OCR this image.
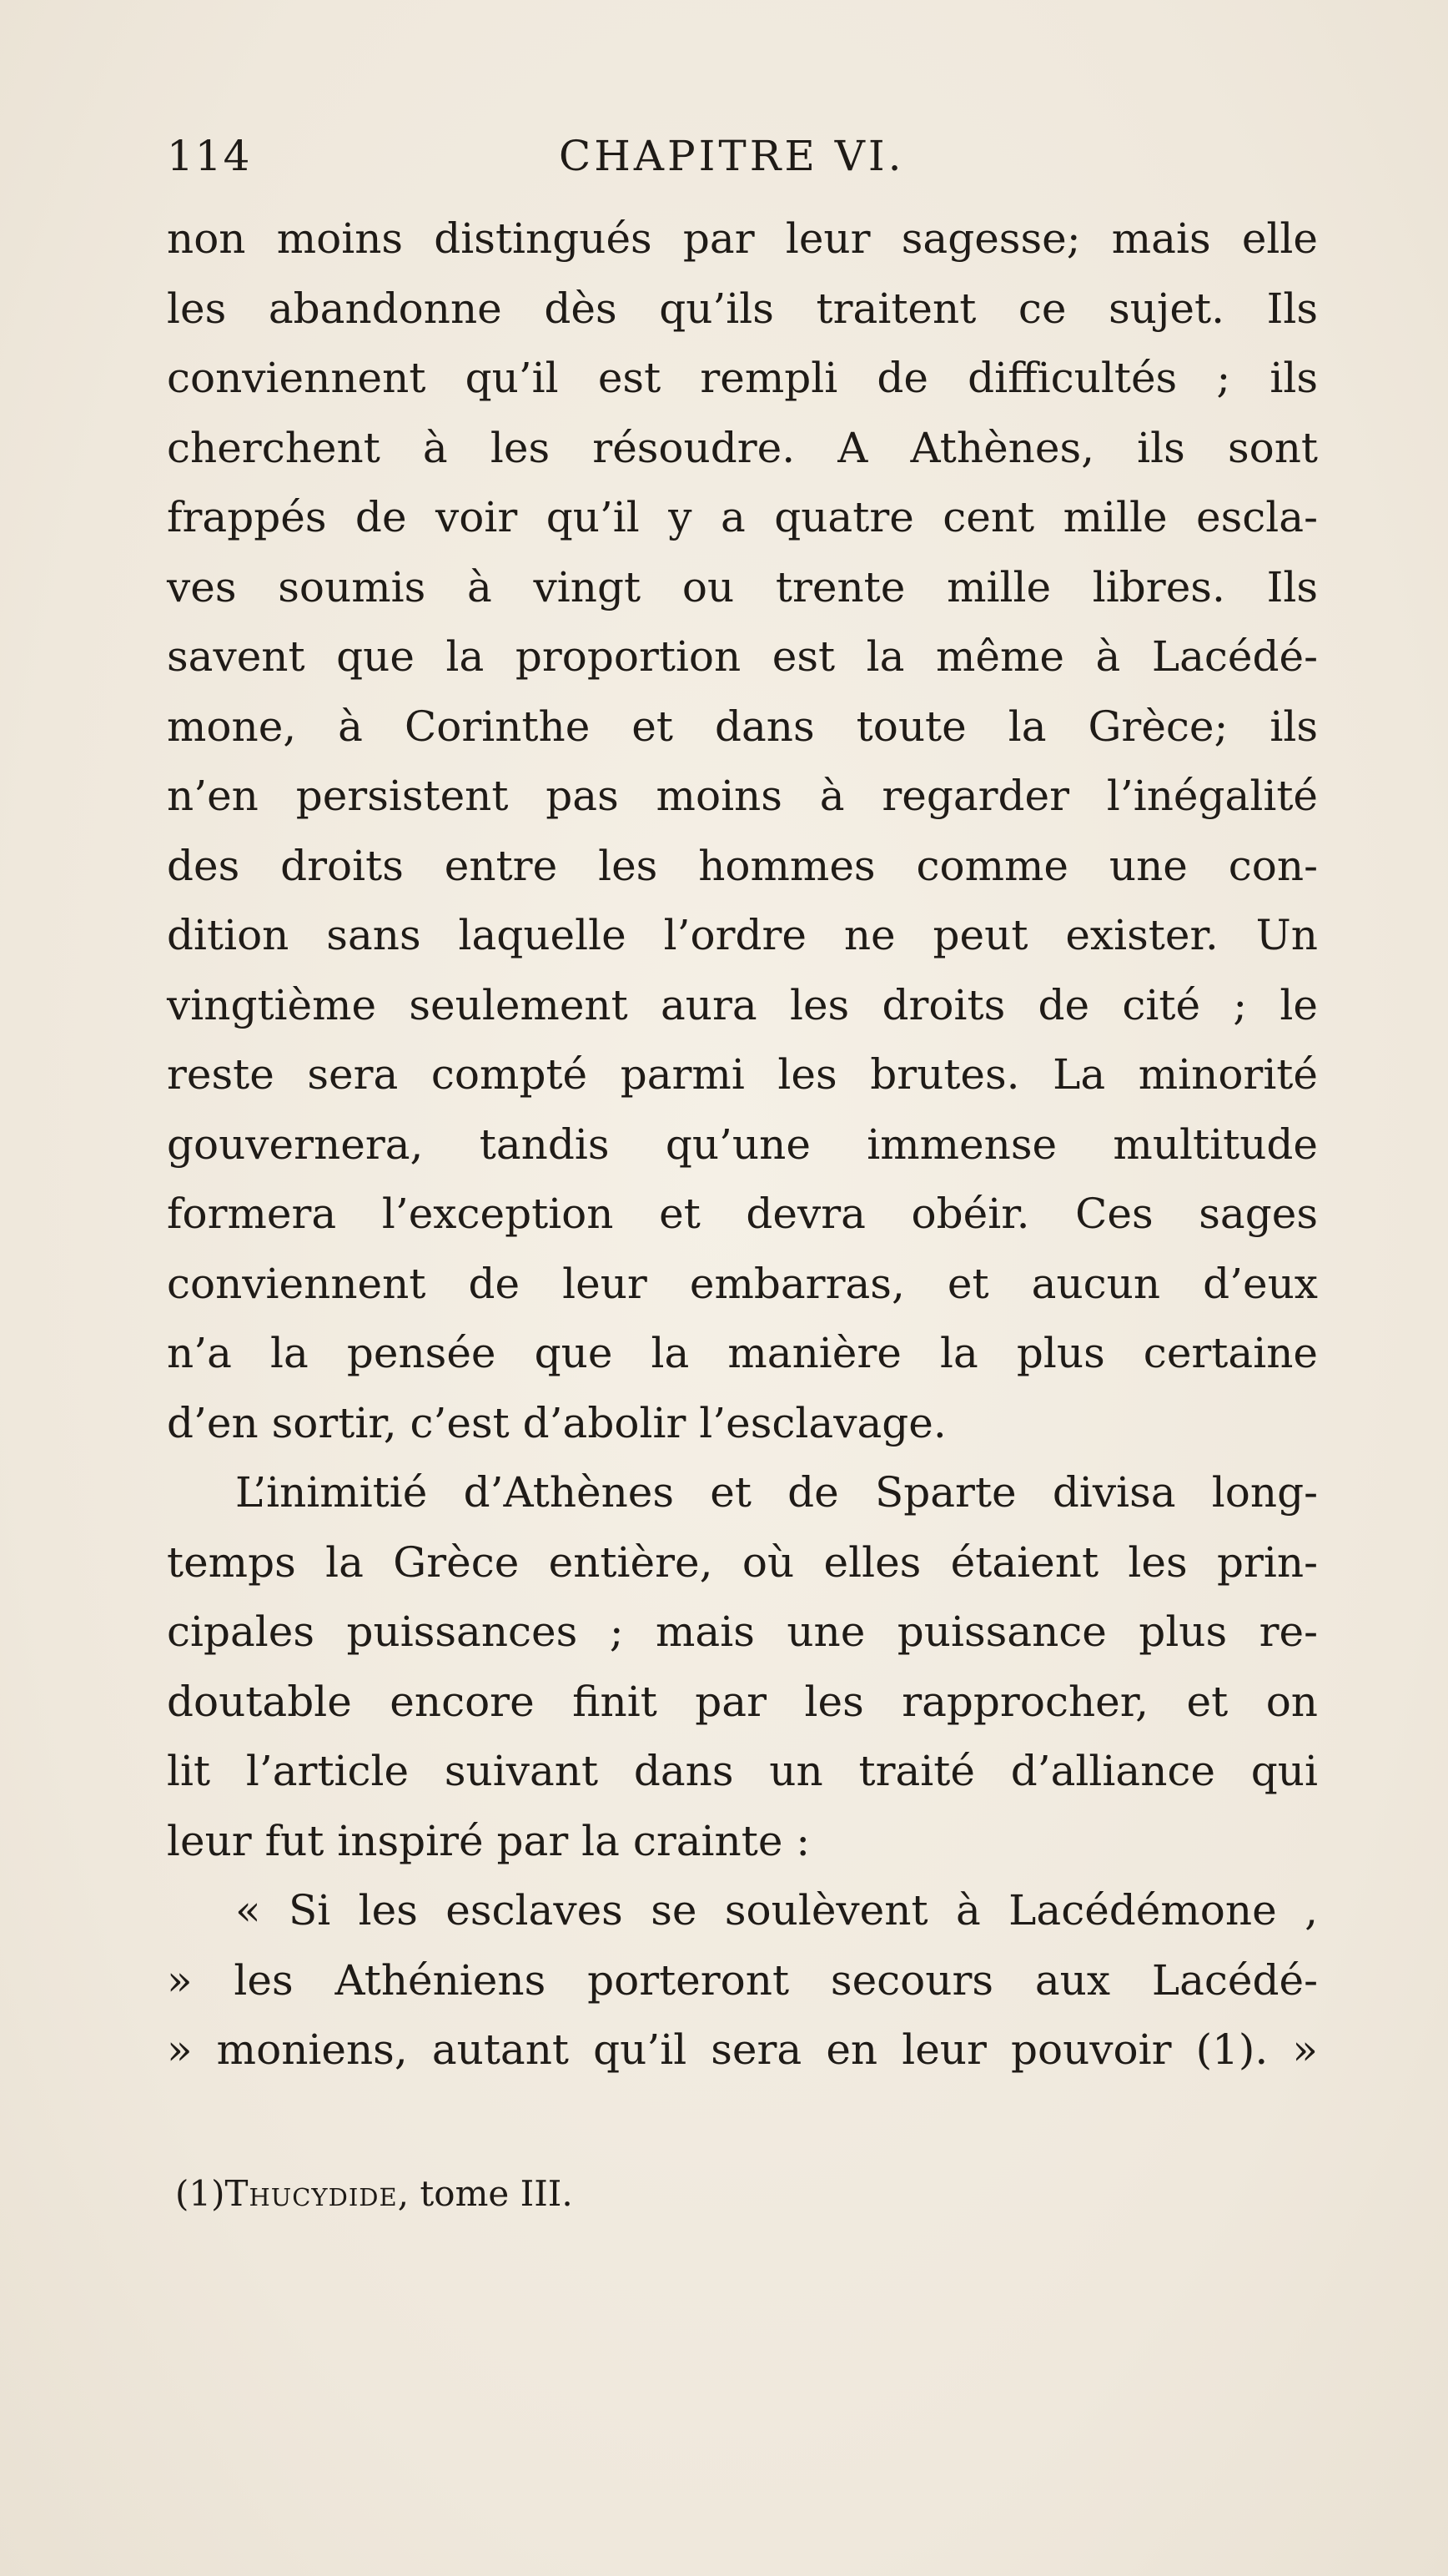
114	CHAPITRE VI.
non moins distingués par leur sagesse; mais elle
les abandonne dès qu’ils traitent ce sujet. Ils
conviennent qu’il est rempli de difficultés ; ils
cherchent à les résoudre. A Athènes, ils sont
frappés de voir qu’il y a quatre cent mille escla-
ves soumis à vingt ou trente mille libres. Ils
savent que la proportion est la même à Lacédé-
mone, à Corinthe et dans toute la Grèce; ils
n’en persistent pas moins à regarder l’inégalité
des droits entre les hommes comme une con-
dition sans laquelle l’ordre ne peut exister. Un
vingtième seulement aura les droits de cité ; le
reste sera compté parmi les brutes. La minorité
gouvernera, tandis qu’une immense multitude
formera l’exception et devra obéir. Ces sages
conviennent de leur embarras, et aucun d’eux
n’a la pensée que la manière la plus certaine
d’en sortir, c’est d’abolir l’esclavage.
L’inimitié d’Athènes et de Sparte divisa long-
temps la Grèce entière, où elles étaient les prin-
cipales puissances ; mais une puissance plus re-
doutable encore finit par les rapprocher, et on
lit l’article suivant dans un traité d’alliance qui
leur fut inspiré par la crainte :
« Si les esclaves se soulèvent à Lacédémone ,
» les Athéniens porteront secours aux Lacédé-
» moniens, autant qu’il sera en leur pouvoir (1). »
(1)Thucydide, tome III.
